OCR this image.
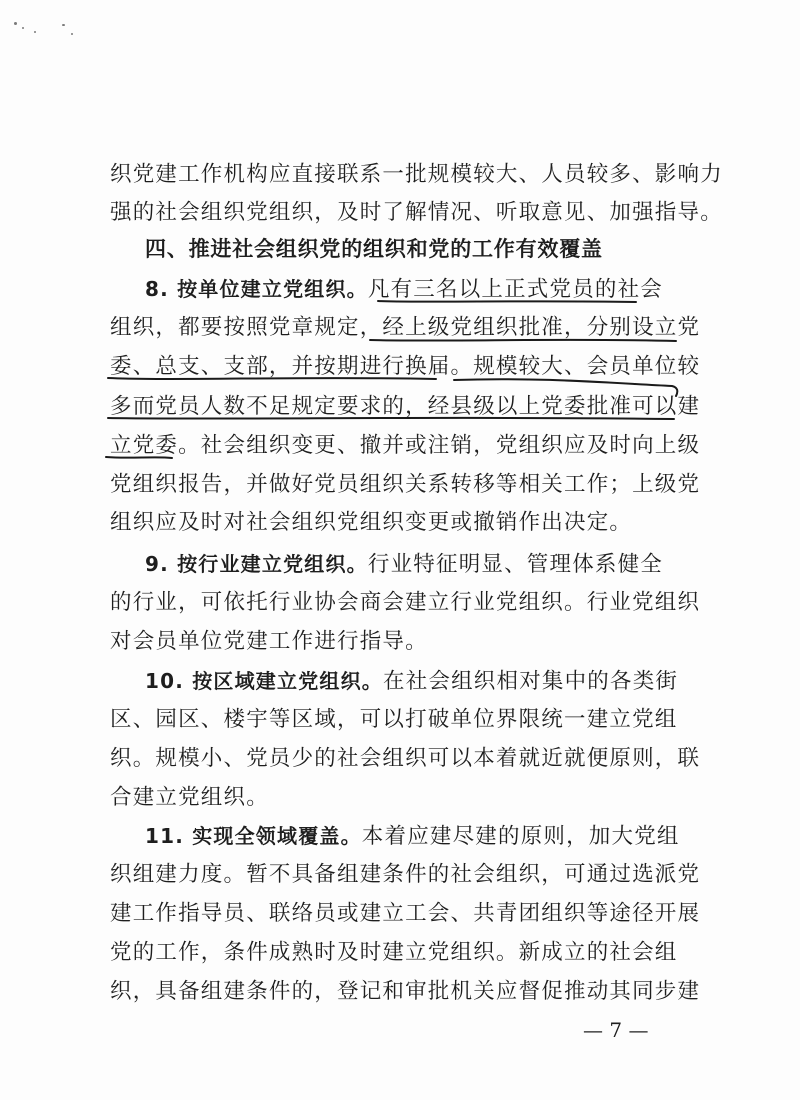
织党建工作机构应直接联系一批规模较大、人员较多、影响力
强的社会组织党组织，及时了解情况、听取意见、加强指导。
四、推进社会组织党的组织和党的工作有效覆盖
8. 按单位建立党组织。凡有三名以上正式党员的社会
组织，都要按照党章规定，经上级党组织批准，分别设立党
委、总支、支部，并按期进行换届。规模较大、会员单位较
多而党员人数不足规定要求的，经县级以上党委批准可以建
立党委。社会组织变更、撤并或注销，党组织应及时向上级
党组织报告，并做好党员组织关系转移等相关工作；上级党
组织应及时对社会组织党组织变更或撤销作出决定。
9. 按行业建立党组织。行业特征明显、管理体系健全
的行业，可依托行业协会商会建立行业党组织。行业党组织
对会员单位党建工作进行指导。
10. 按区域建立党组织。在社会组织相对集中的各类街
区、园区、楼宇等区域，可以打破单位界限统一建立党组
织。规模小、党员少的社会组织可以本着就近就便原则，联
合建立党组织。
11. 实现全领域覆盖。本着应建尽建的原则，加大党组
织组建力度。暂不具备组建条件的社会组织，可通过选派党
建工作指导员、联络员或建立工会、共青团组织等途径开展
党的工作，条件成熟时及时建立党组织。新成立的社会组
织，具备组建条件的，登记和审批机关应督促推动其同步建
— 7 —
